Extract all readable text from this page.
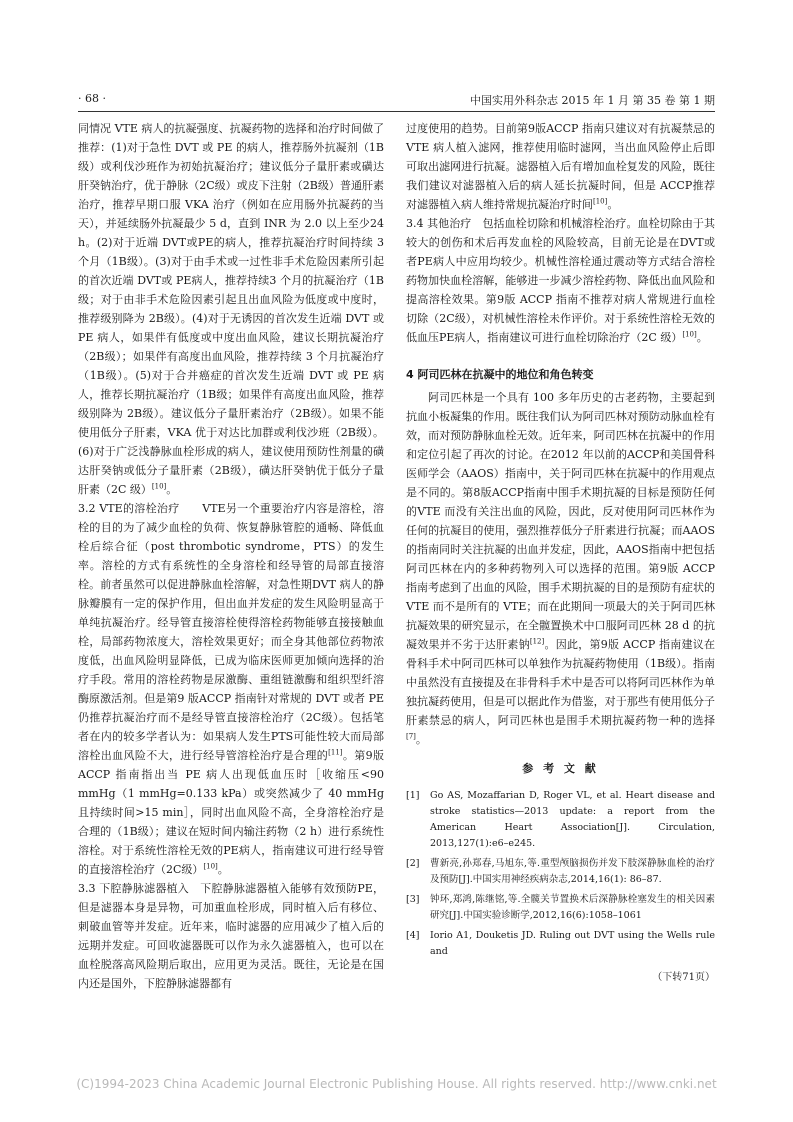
· 68 ·	中国实用外科杂志 2015 年 1 月 第 35 卷 第 1 期

同情况 VTE 病人的抗凝强度、抗凝药物的选择和治疗时间做了推荐：(1)对于急性 DVT 或 PE 的病人，推荐肠外抗凝剂（1B级）或利伐沙班作为初始抗凝治疗；建议低分子量肝素或磺达肝癸钠治疗，优于静脉（2C级）或皮下注射（2B级）普通肝素治疗，推荐早期口服 VKA 治疗（例如在应用肠外抗凝药的当天），并延续肠外抗凝最少 5 d，直到 INR 为 2.0 以上至少24 h。(2)对于近端 DVT或PE的病人，推荐抗凝治疗时间持续 3 个月（1B级）。(3)对于由手术或一过性非手术危险因素所引起的首次近端 DVT或 PE病人，推荐持续3 个月的抗凝治疗（1B级；对于由非手术危险因素引起且出血风险为低度或中度时，推荐级别降为 2B级）。(4)对于无诱因的首次发生近端 DVT 或 PE 病人，如果伴有低度或中度出血风险，建议长期抗凝治疗（2B级）；如果伴有高度出血风险，推荐持续 3 个月抗凝治疗（1B级）。(5)对于合并癌症的首次发生近端 DVT 或 PE 病人，推荐长期抗凝治疗（1B级；如果伴有高度出血风险，推荐级别降为 2B级）。建议低分子量肝素治疗（2B级）。如果不能使用低分子肝素，VKA 优于对达比加群或利伐沙班（2B级）。(6)对于广泛浅静脉血栓形成的病人，建议使用预防性剂量的磺达肝癸钠或低分子量肝素（2B级），磺达肝癸钠优于低分子量肝素（2C 级）[10]。

3.2 VTE的溶栓治疗　　 VTE另一个重要治疗内容是溶栓，溶栓的目的为了减少血栓的负荷、恢复静脉管腔的通畅、降低血栓后综合征（post thrombotic syndrome，PTS）的发生率。溶栓的方式有系统性的全身溶栓和经导管的局部直接溶栓。前者虽然可以促进静脉血栓溶解，对急性期DVT 病人的静脉瓣膜有一定的保护作用，但出血并发症的发生风险明显高于单纯抗凝治疗。经导管直接溶栓使得溶栓药物能够直接接触血栓，局部药物浓度大，溶栓效果更好；而全身其他部位药物浓度低，出血风险明显降低，已成为临床医师更加倾向选择的治疗手段。常用的溶栓药物是尿激酶、重组链激酶和组织型纤溶酶原激活剂。但是第9 版ACCP 指南针对常规的 DVT 或者 PE 仍推荐抗凝治疗而不是经导管直接溶栓治疗（2C级）。包括笔者在内的较多学者认为：如果病人发生PTS可能性较大而局部溶栓出血风险不大，进行经导管溶栓治疗是合理的[11]。第9版 ACCP 指南指出当 PE 病人出现低血压时［收缩压<90 mmHg（1 mmHg=0.133 kPa）或突然减少了 40 mmHg 且持续时间>15 min］，同时出血风险不高，全身溶栓治疗是合理的（1B级）；建议在短时间内输注药物（2 h）进行系统性溶栓。对于系统性溶栓无效的PE病人，指南建议可进行经导管的直接溶栓治疗（2C级）[10]。

3.3 下腔静脉滤器植入　 下腔静脉滤器植入能够有效预防PE，但是滤器本身是异物，可加重血栓形成，同时植入后有移位、刺破血管等并发症。近年来，临时滤器的应用减少了植入后的远期并发症。可回收滤器既可以作为永久滤器植入，也可以在血栓脱落高风险期后取出，应用更为灵活。既往，无论是在国内还是国外，下腔静脉滤器都有

过度使用的趋势。目前第9版ACCP 指南只建议对有抗凝禁忌的 VTE 病人植入滤网，推荐使用临时滤网，当出血风险停止后即可取出滤网进行抗凝。滤器植入后有增加血栓复发的风险，既往我们建议对滤器植入后的病人延长抗凝时间，但是 ACCP推荐对滤器植入病人维持常规抗凝治疗时间[10]。

3.4 其他治疗　 包括血栓切除和机械溶栓治疗。血栓切除由于其较大的创伤和术后再发血栓的风险较高，目前无论是在DVT或者PE病人中应用均较少。机械性溶栓通过震动等方式结合溶栓药物加快血栓溶解，能够进一步减少溶栓药物、降低出血风险和提高溶栓效果。第9版 ACCP 指南不推荐对病人常规进行血栓切除（2C级），对机械性溶栓未作评价。对于系统性溶栓无效的低血压PE病人，指南建议可进行血栓切除治疗（2C 级）[10]。

4 阿司匹林在抗凝中的地位和角色转变

阿司匹林是一个具有 100 多年历史的古老药物，主要起到抗血小板凝集的作用。既往我们认为阿司匹林对预防动脉血栓有效，而对预防静脉血栓无效。近年来，阿司匹林在抗凝中的作用和定位引起了再次的讨论。在2012 年以前的ACCP和美国骨科医师学会（AAOS）指南中，关于阿司匹林在抗凝中的作用观点是不同的。第8版ACCP指南中围手术期抗凝的目标是预防任何的VTE 而没有关注出血的风险，因此，反对使用阿司匹林作为任何的抗凝目的使用，强烈推荐低分子肝素进行抗凝；而AAOS的指南同时关注抗凝的出血并发症，因此，AAOS指南中把包括阿司匹林在内的多种药物列入可以选择的范围。第9版 ACCP 指南考虑到了出血的风险，围手术期抗凝的目的是预防有症状的 VTE 而不是所有的 VTE；而在此期间一项最大的关于阿司匹林抗凝效果的研究显示，在全髋置换术中口服阿司匹林 28 d 的抗凝效果并不劣于达肝素钠[12]。因此，第9版 ACCP 指南建议在骨科手术中阿司匹林可以单独作为抗凝药物使用（1B级）。指南中虽然没有直接提及在非骨科手术中是否可以将阿司匹林作为单独抗凝药使用，但是可以据此作为借鉴，对于那些有使用低分子肝素禁忌的病人，阿司匹林也是围手术期抗凝药物一种的选择[7]。

参 考 文 献
[1]	Go AS, Mozaffarian D, Roger VL, et al. Heart disease and stroke statistics—2013 update: a report from the American Heart Association[J]. Circulation, 2013,127(1):e6–e245.
[2]	曹新亮,孙郑春,马旭东,等.重型颅脑损伤并发下肢深静脉血栓的治疗及预防[J].中国实用神经疾病杂志,2014,16(1): 86–87.
[3]	钟环,郑鸿,陈继铭,等.全髋关节置换术后深静脉栓塞发生的相关因素研究[J].中国实验诊断学,2012,16(6):1058–1061
[4]	Iorio A1, Douketis JD. Ruling out DVT using the Wells rule and
（下转71页）
(C)1994-2023 China Academic Journal Electronic Publishing House. All rights reserved. http://www.cnki.net
